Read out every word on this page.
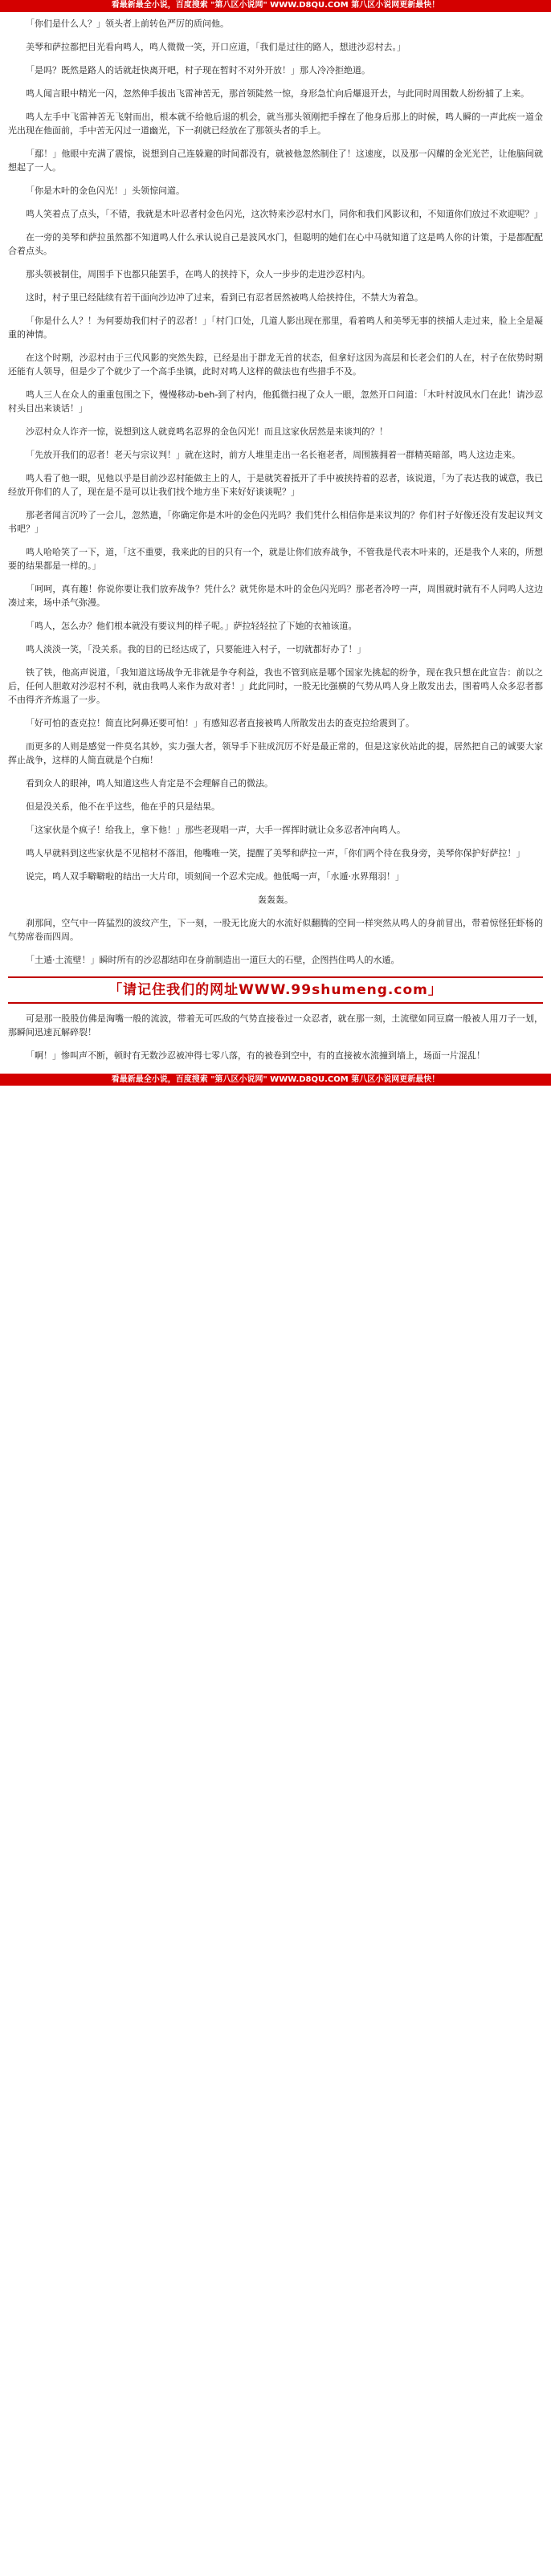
看最新最全小说，百度搜索 "第八区小说网" WWW.D8QU.COM 第八区小说网更新最快！

「你们是什么人？」领头者上前转色严厉的质问他。

美琴和萨拉都把目光看向鸣人，鸣人微微一笑，开口应道，「我们是过往的路人，想进沙忍村去。」

「是吗？既然是路人的话就赶快离开吧，村子现在暂时不对外开放！」那人冷冷拒绝道。

鸣人闻言眼中精光一闪，忽然伸手拔出飞雷神苦无，那首领陡然一惊，身形急忙向后爆退开去，与此同时周围数人纷纷捕了上来。

鸣人左手中飞雷神苦无飞射而出，根本就不给他后退的机会，就当那头领刚把手撑在了他身后那上的时候，鸣人瞬的一声此疾一道金光出现在他面前，手中苦无闪过一道幽光，下一刹就已经放在了那领头者的手上。

「鄢！」他眼中充满了震惊，说想到自己连躲避的时间都没有，就被他忽然制住了！这速度，以及那一闪耀的金光光芒，让他脑间就想起了一人。

「你是木叶的金色闪光！」头领惊问道。

鸣人笑着点了点头，「不错，我就是木叶忍者村金色闪光，这次特来沙忍村水门，同你和我们风影议和，不知道你们放过不欢迎呢？」

在一旁的美琴和萨拉虽然都不知道鸣人什么承认说自己是波风水门，但聪明的她们在心中马就知道了这是鸣人你的计策，于是都配配合着点头。

那头领被制住，周围手下也都只能罢手，在鸣人的挟持下，众人一步步的走进沙忍村内。

这时，村子里已经陆续有若干面向沙边冲了过来，看到已有忍者居然被鸣人给挟持住，不禁大为着急。

「你是什么人？！为何要劫我们村子的忍者！」「村门口处，几道人影出现在那里，看着鸣人和美琴无事的挟捕人走过来，脸上全是凝重的神情。

在这个时期，沙忍村由于三代风影的突然失踪，已经是出于群龙无首的状态，但拿好这因为高层和长老会们的人在，村子在依势时期还能有人领导，但是少了个就少了一个高手坐镇，此时对鸣人这样的做法也有些措手不及。

鸣人三人在众人的重重包围之下，慢慢移动-beh-到了村内，他狐微扫视了众人一眼，忽然开口问道：「木叶村波风水门在此！请沙忍村头目出来谈话！」

沙忍村众人诈齐一惊，说想到这人就竟鸣名忍界的金色闪光！而且这家伙居然是来谈判的？！

「先放开我们的忍者！老天与宗议判！」就在这时，前方人堆里走出一名长袍老者，周围簇拥着一群精英暗部，鸣人这边走来。

鸣人看了他一眼，见他以乎是目前沙忍村能做主上的人，于是就笑着抵开了手中被挟持着的忍者，该说道，「为了表达我的诚意，我已经放开你们的人了，现在是不是可以让我们找个地方坐下来好好谈谈呢？」

那老者闻言沉吟了一会儿，忽然遣，「你确定你是木叶的金色闪光吗？我们凭什么相信你是来议判的？你们村子好像还没有发起议判文书吧？」

鸣人哈哈笑了一下，道，「这不重要，我来此的目的只有一个，就是让你们放弃战争，不管我是代表木叶来的，还是我个人来的，所想要的结果都是一样的。」

「呵呵，真有趣！你说你要让我们放弃战争？凭什么？就凭你是木叶的金色闪光吗？那老者冷哼一声，周围就时就有不人同鸣人这边凑过来，场中杀气弥漫。

「鸣人，怎么办？他们根本就没有要议判的样子呢。」萨拉轻轻拉了下她的衣袖该道。

鸣人淡淡一笑，「没关系。我的目的已经达成了，只要能进入村子，一切就都好办了！」

铁了铁，他高声说道，「我知道这场战争无非就是争夺利益，我也不管到底是哪个国家先挑起的纷争，现在我只想在此宣告：前以之后，任何人胆敢对沙忍村不利，就由我鸣人来作为敌对者！」此此同时，一股无比强横的气势从鸣人身上散发出去，围着鸣人众多忍者都不由得齐齐炼退了一步。

「好可怕的查克拉！简直比阿鼻还要可怕！」有感知忍者直接被鸣人所散发出去的查克拉给震到了。

而更多的人则是感觉一件莫名其妙，实力强大者，领导手下驻成沉厉不好是最正常的，但是这家伙站此的提，居然把自己的诚要大家挥止战争，这样的人简直就是个白痴！

看到众人的眼神，鸣人知道这些人肯定是不会理解自己的微法。

但是没关系，他不在乎这些，他在乎的只是结果。

「这家伙是个疯子！给我上，拿下他！」那些老现唱一声，大手一挥挥时就让众多忍者冲向鸣人。

鸣人早就料到这些家伙是不见棺材不落泪，他嘴唯一笑，提醒了美琴和萨拉一声，「你们两个待在我身旁，美琴你保护好萨拉！」

说完，鸣人双手噼噼啦的结出一大片印，顷刻间一个忍术完成。他低喝一声，「水遁·水界翔羽！」

轰轰轰。

刹那间，空气中一阵猛烈的波纹产生，下一刻，一股无比庞大的水流好似翻腾的空间一样突然从鸣人的身前冒出，带着惊怪狂虾杨的气势席卷而四周。

「土遁·土流壁！」瞬时所有的沙忍都结印在身前制造出一道巨大的石壁，企图挡住鸣人的水遁。

「请记住我们的网址WWW.99shumeng.com」

可是那一股股仿佛是洶嘴一般的流波，带着无可匹敌的气势直接卷过一众忍者，就在那一刻，土流壁如同豆腐一般被人用刀子一划，那瞬间迅速瓦解碎裂！

「啊！」惨叫声不断，顿时有无数沙忍被冲得七零八落，有的被卷到空中，有的直接被水流撞到墙上，场面一片混乱！

看最新最全小说，百度搜索 "第八区小说网" WWW.D8QU.COM 第八区小说网更新最快！
